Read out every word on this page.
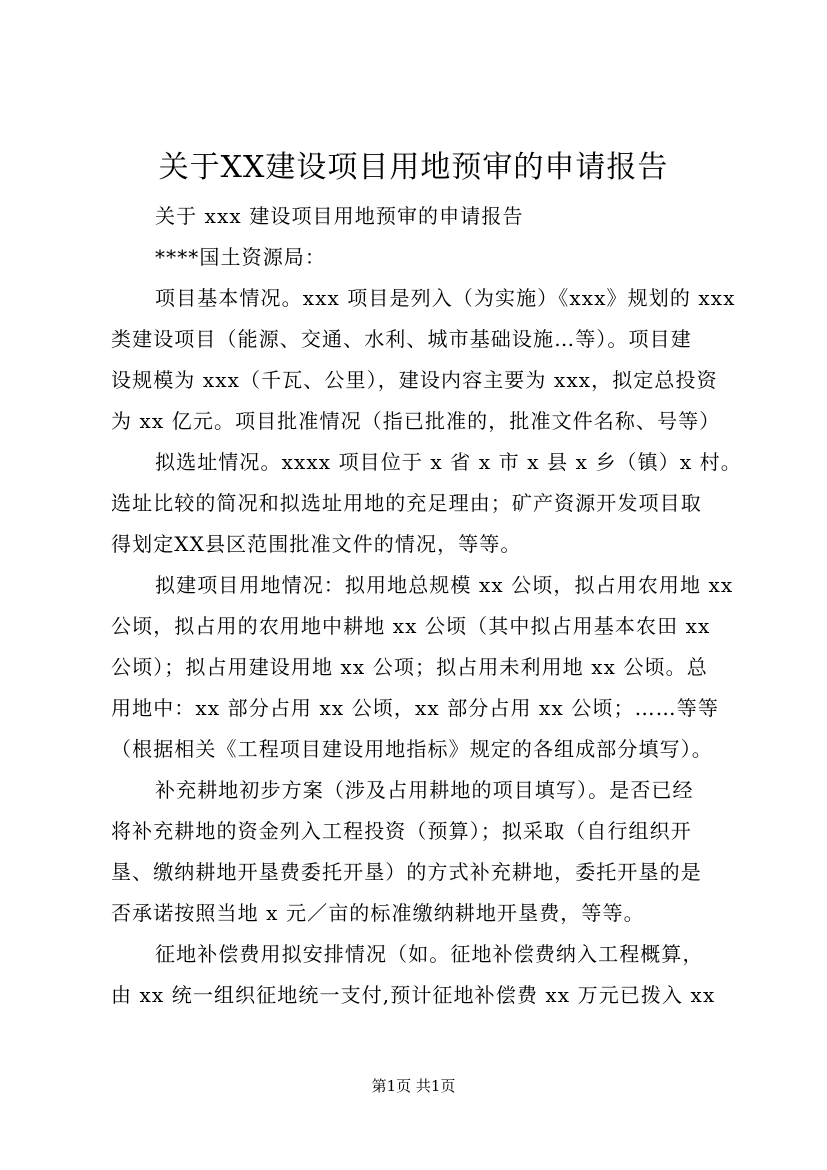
关于XX建设项目用地预审的申请报告
关于 xxx 建设项目用地预审的申请报告
****国土资源局：
项目基本情况。xxx 项目是列入（为实施）《xxx》规划的 xxx
类建设项目（能源、交通、水利、城市基础设施…等）。项目建
设规模为 xxx（千瓦、公里），建设内容主要为 xxx，拟定总投资
为 xx 亿元。项目批准情况（指已批准的，批准文件名称、号等）
拟选址情况。xxxx 项目位于 x 省 x 市 x 县 x 乡（镇）x 村。
选址比较的简况和拟选址用地的充足理由；矿产资源开发项目取
得划定XX县区范围批准文件的情况，等等。
拟建项目用地情况：拟用地总规模 xx 公顷，拟占用农用地 xx
公顷，拟占用的农用地中耕地 xx 公顷（其中拟占用基本农田 xx
公顷）；拟占用建设用地 xx 公项；拟占用未利用地 xx 公顷。总
用地中：xx 部分占用 xx 公顷，xx 部分占用 xx 公顷；……等等
（根据相关《工程项目建设用地指标》规定的各组成部分填写）。
补充耕地初步方案（涉及占用耕地的项目填写）。是否已经
将补充耕地的资金列入工程投资（预算）；拟采取（自行组织开
垦、缴纳耕地开垦费委托开垦）的方式补充耕地，委托开垦的是
否承诺按照当地 x 元／亩的标准缴纳耕地开垦费，等等。
征地补偿费用拟安排情况（如。征地补偿费纳入工程概算，
由 xx 统一组织征地统一支付,预计征地补偿费 xx 万元已拨入 xx
第1页 共1页
